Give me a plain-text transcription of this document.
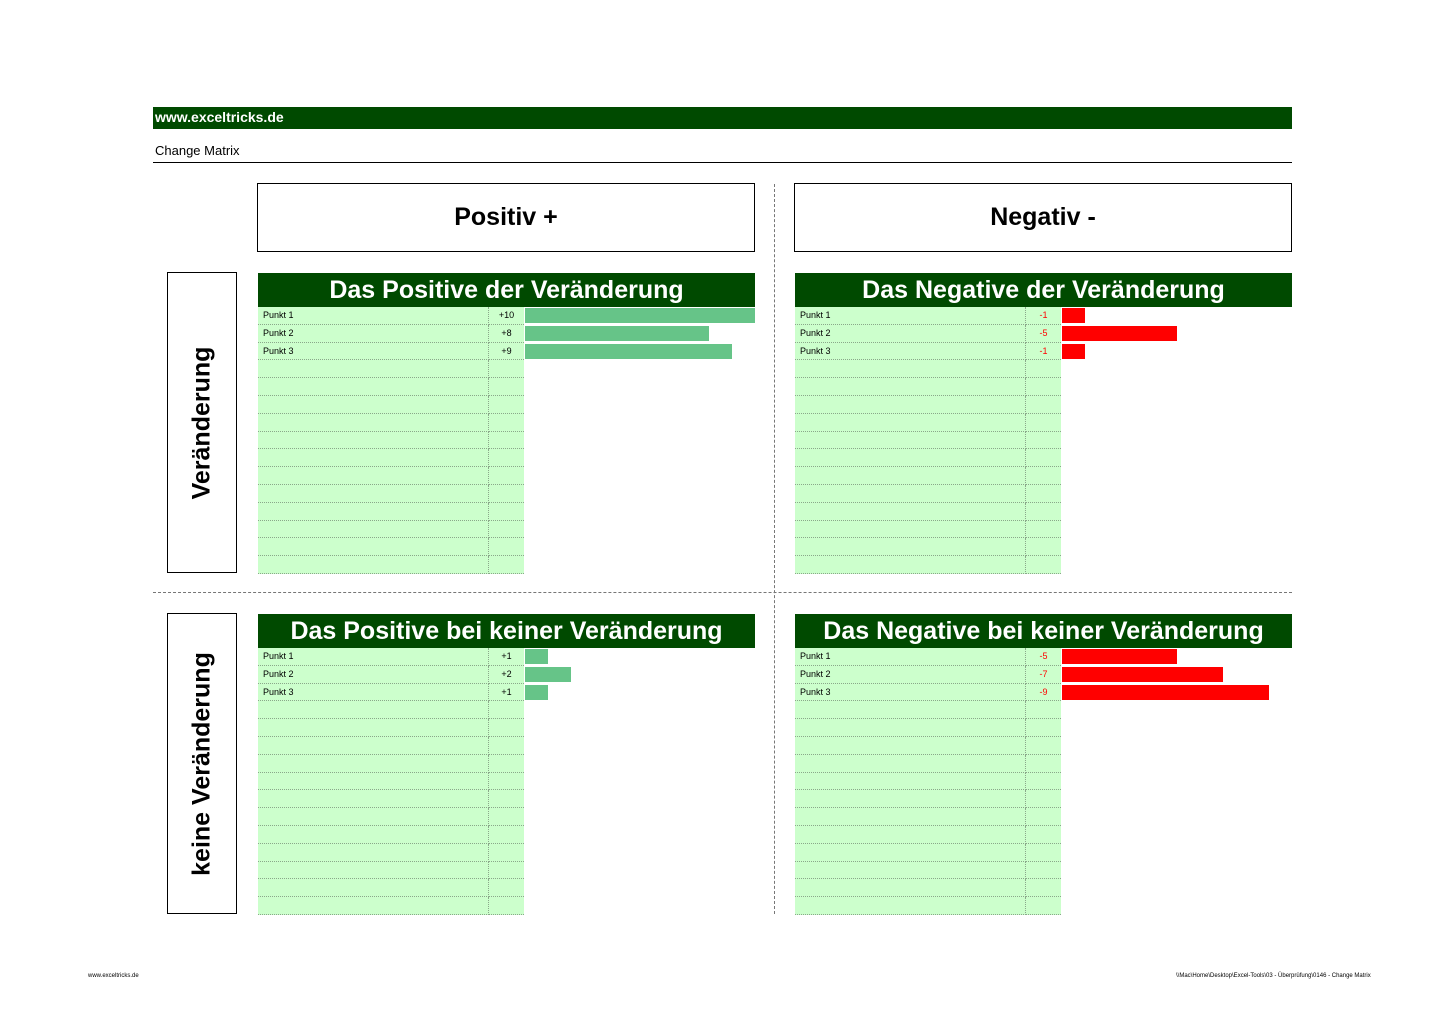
www.exceltricks.de
Change Matrix
Positiv +	Negativ -
Veränderung
keine Veränderung
Das Positive der Veränderung
Punkt 1	+10
Punkt 2	+8
Punkt 3	+9
Das Negative der Veränderung
Punkt 1	-1
Punkt 2	-5
Punkt 3	-1
Das Positive bei keiner Veränderung
Punkt 1	+1
Punkt 2	+2
Punkt 3	+1
Das Negative bei keiner Veränderung
Punkt 1	-5
Punkt 2	-7
Punkt 3	-9
www.exceltricks.de	\\Mac\Home\Desktop\Excel-Tools\03 - Überprüfung\0146 - Change Matrix
